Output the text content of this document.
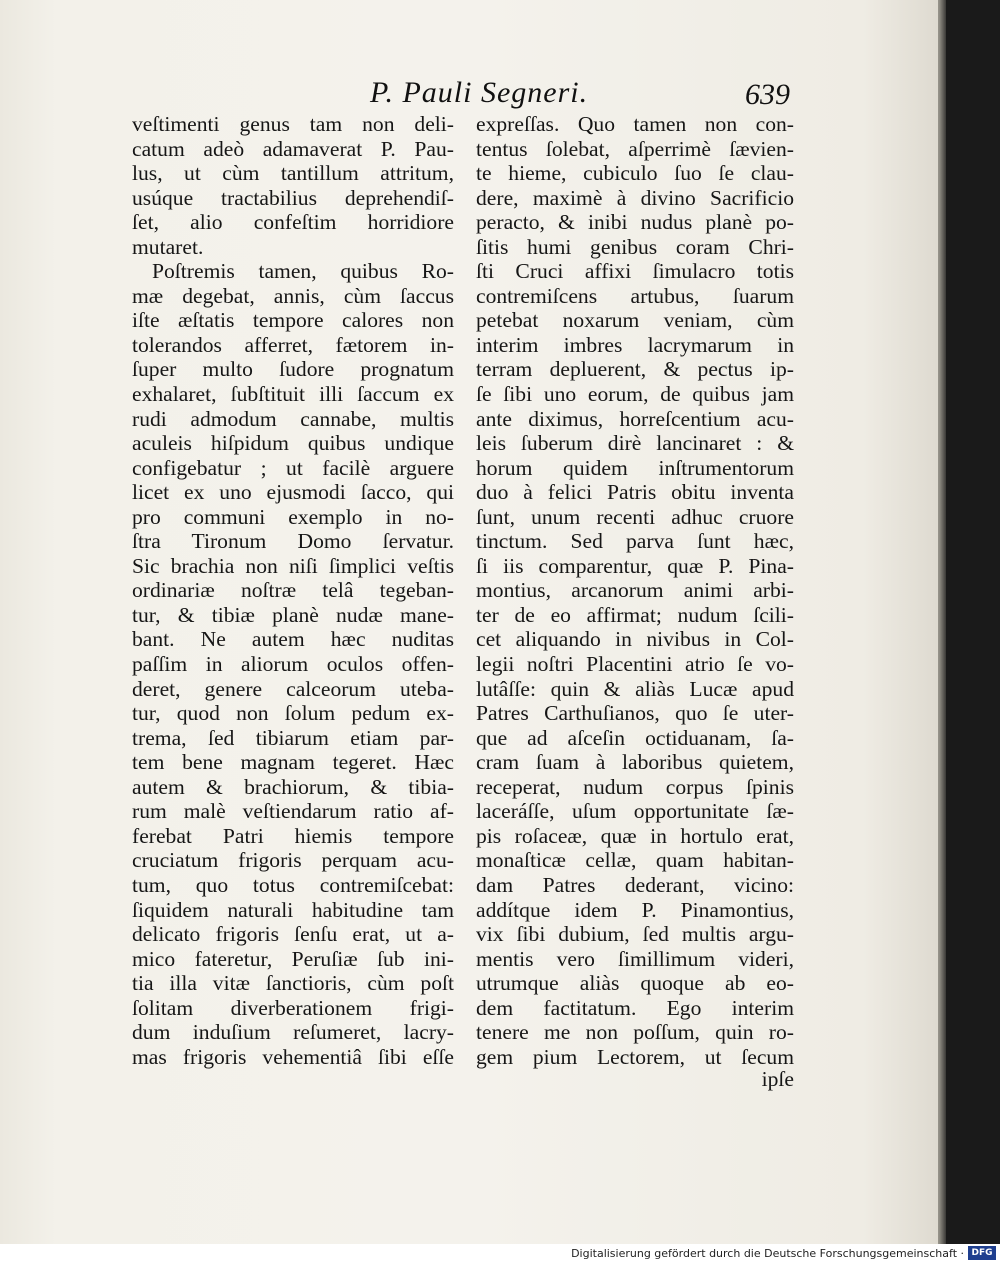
P. Pauli Segneri.	639
veſtimenti genus tam non deli-
catum adeò adamaverat P. Pau-
lus, ut cùm tantillum attritum,
usúque tractabilius deprehendiſ-
ſet, alio confeſtim horridiore
mutaret.
Poſtremis tamen, quibus Ro-
mæ degebat, annis, cùm ſaccus
iſte æſtatis tempore calores non
tolerandos afferret, fætorem in-
ſuper multo ſudore prognatum
exhalaret, ſubſtituit illi ſaccum ex
rudi admodum cannabe, multis
aculeis hiſpidum quibus undique
configebatur ; ut facilè arguere
licet ex uno ejusmodi ſacco, qui
pro communi exemplo in no-
ſtra Tironum Domo ſervatur.
Sic brachia non niſi ſimplici veſtis
ordinariæ noſtræ telâ tegeban-
tur, & tibiæ planè nudæ mane-
bant. Ne autem hæc nuditas
paſſim in aliorum oculos offen-
deret, genere calceorum uteba-
tur, quod non ſolum pedum ex-
trema, ſed tibiarum etiam par-
tem bene magnam tegeret. Hæc
autem & brachiorum, & tibia-
rum malè veſtiendarum ratio af-
ferebat Patri hiemis tempore
cruciatum frigoris perquam acu-
tum, quo totus contremiſcebat:
ſiquidem naturali habitudine tam
delicato frigoris ſenſu erat, ut a-
mico fateretur, Peruſiæ ſub ini-
tia illa vitæ ſanctioris, cùm poſt
ſolitam diverberationem frigi-
dum induſium reſumeret, lacry-
mas frigoris vehementiâ ſibi eſſe
expreſſas. Quo tamen non con-
tentus ſolebat, aſperrimè ſævien-
te hieme, cubiculo ſuo ſe clau-
dere, maximè à divino Sacrificio
peracto, & inibi nudus planè po-
ſitis humi genibus coram Chri-
ſti Cruci affixi ſimulacro totis
contremiſcens artubus, ſuarum
petebat noxarum veniam, cùm
interim imbres lacrymarum in
terram depluerent, & pectus ip-
ſe ſibi uno eorum, de quibus jam
ante diximus, horreſcentium acu-
leis ſuberum dirè lancinaret : &
horum quidem inſtrumentorum
duo à felici Patris obitu inventa
ſunt, unum recenti adhuc cruore
tinctum. Sed parva ſunt hæc,
ſi iis comparentur, quæ P. Pina-
montius, arcanorum animi arbi-
ter de eo affirmat; nudum ſcili-
cet aliquando in nivibus in Col-
legii noſtri Placentini atrio ſe vo-
lutâſſe: quin & aliàs Lucæ apud
Patres Carthuſianos, quo ſe uter-
que ad aſceſin octiduanam, ſa-
cram ſuam à laboribus quietem,
receperat, nudum corpus ſpinis
laceráſſe, uſum opportunitate ſæ-
pis roſaceæ, quæ in hortulo erat,
monaſticæ cellæ, quam habitan-
dam Patres dederant, vicino:
addítque idem P. Pinamontius,
vix ſibi dubium, ſed multis argu-
mentis vero ſimillimum videri,
utrumque aliàs quoque ab eo-
dem factitatum. Ego interim
tenere me non poſſum, quin ro-
gem pium Lectorem, ut ſecum
ipſe
Digitalisierung gefördert durch die Deutsche Forschungsgemeinschaft · DFG
